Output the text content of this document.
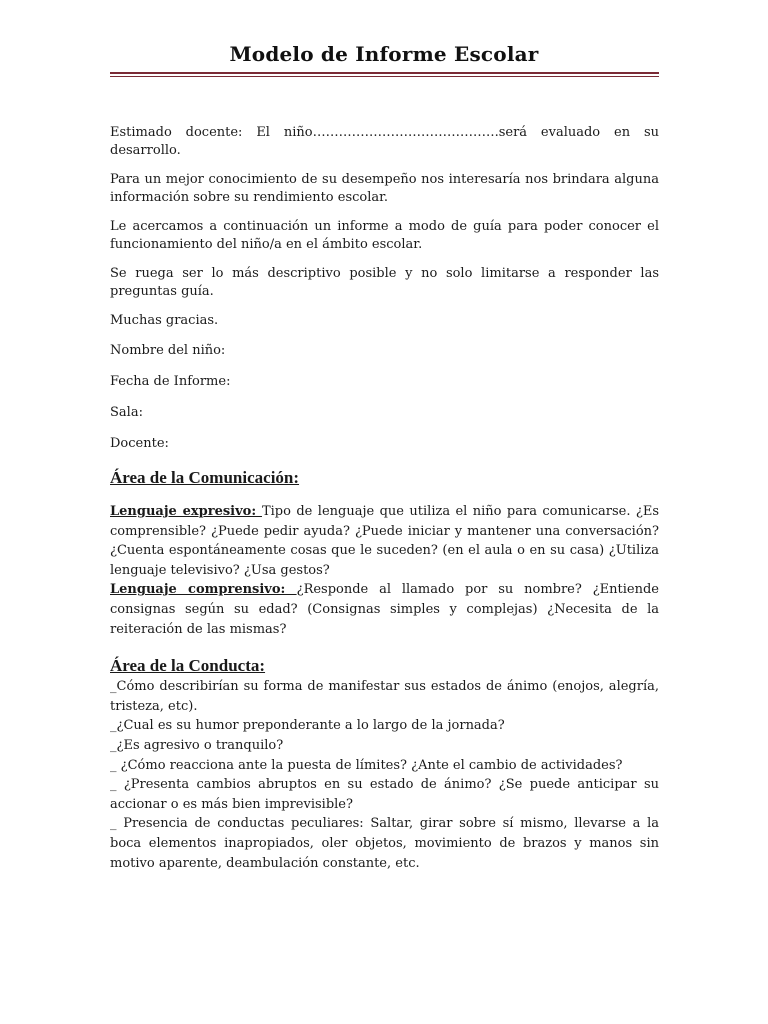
Modelo de Informe Escolar

Estimado docente: El niño…………………………………….será evaluado en su desarrollo.

Para un mejor conocimiento de su desempeño nos interesaría nos brindara alguna información sobre su rendimiento escolar.

Le acercamos a continuación un informe a modo de guía para poder conocer el funcionamiento del niño/a en el ámbito escolar.

Se ruega ser lo más descriptivo posible y no solo limitarse a responder las preguntas guía.

Muchas gracias.

Nombre del niño:

Fecha de Informe:

Sala:

Docente:

Área de la Comunicación:

Lenguaje expresivo: Tipo de lenguaje que utiliza el niño para comunicarse. ¿Es comprensible? ¿Puede pedir ayuda? ¿Puede iniciar y mantener una conversación? ¿Cuenta espontáneamente cosas que le suceden? (en el aula o en su casa) ¿Utiliza lenguaje televisivo? ¿Usa gestos?

Lenguaje comprensivo: ¿Responde al llamado por su nombre? ¿Entiende consignas según su edad? (Consignas simples y complejas) ¿Necesita de la reiteración de las mismas?

Área de la Conducta:

_Cómo describirían su forma de manifestar sus estados de ánimo (enojos, alegría, tristeza, etc).

_¿Cual es su humor preponderante a lo largo de la jornada?

_¿Es agresivo o tranquilo?

_ ¿Cómo reacciona ante la puesta de límites? ¿Ante el cambio de actividades?

_ ¿Presenta cambios abruptos en su estado de ánimo? ¿Se puede anticipar su accionar o es más bien imprevisible?

_ Presencia de conductas peculiares: Saltar, girar sobre sí mismo, llevarse a la boca elementos inapropiados, oler objetos, movimiento de brazos y manos sin motivo aparente, deambulación constante, etc.
